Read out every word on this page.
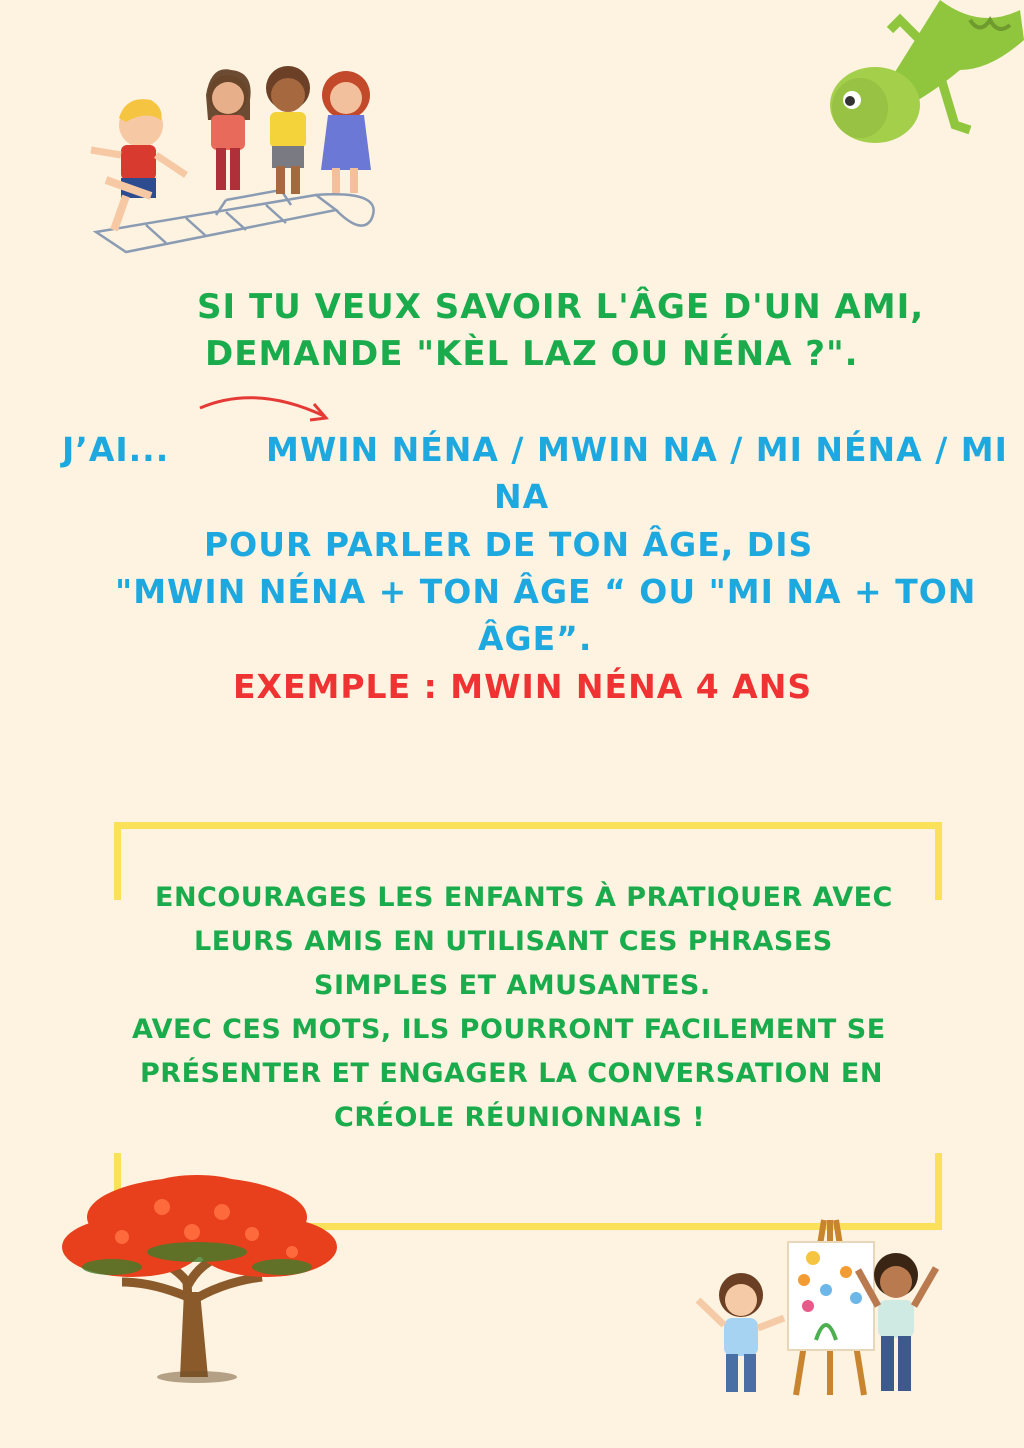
SI TU VEUX SAVOIR L'ÂGE D'UN AMI,

DEMANDE "KÈL LAZ OU NÉNA ?".

J’AI...	MWIN NÉNA / MWIN NA / MI NÉNA / MI

NA

POUR PARLER DE TON ÂGE, DIS

"MWIN NÉNA + TON ÂGE “ OU "MI NA + TON

ÂGE”.

EXEMPLE : MWIN NÉNA 4 ANS

ENCOURAGES LES ENFANTS À PRATIQUER AVEC
LEURS AMIS EN UTILISANT CES PHRASES
SIMPLES ET AMUSANTES.
AVEC CES MOTS, ILS POURRONT FACILEMENT SE
PRÉSENTER ET ENGAGER LA CONVERSATION EN
CRÉOLE RÉUNIONNAIS !
